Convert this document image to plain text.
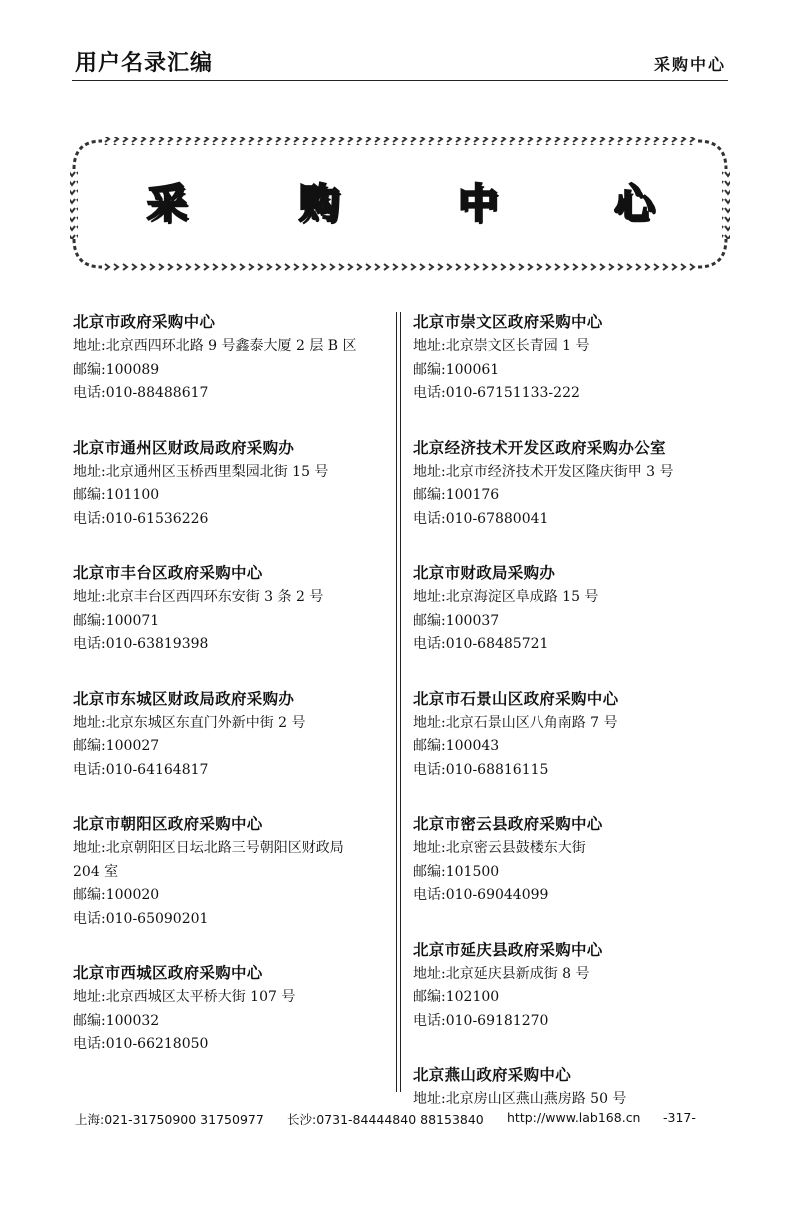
用户名录汇编	采购中心
采	购	中	心
北京市政府采购中心
地址:北京西四环北路 9 号鑫泰大厦 2 层 B 区
邮编:100089
电话:010-88488617
北京市通州区财政局政府采购办
地址:北京通州区玉桥西里梨园北街 15 号
邮编:101100
电话:010-61536226
北京市丰台区政府采购中心
地址:北京丰台区西四环东安街 3 条 2 号
邮编:100071
电话:010-63819398
北京市东城区财政局政府采购办
地址:北京东城区东直门外新中街 2 号
邮编:100027
电话:010-64164817
北京市朝阳区政府采购中心
地址:北京朝阳区日坛北路三号朝阳区财政局
204 室
邮编:100020
电话:010-65090201
北京市西城区政府采购中心
地址:北京西城区太平桥大街 107 号
邮编:100032
电话:010-66218050
北京市崇文区政府采购中心
地址:北京崇文区长青园 1 号
邮编:100061
电话:010-67151133-222
北京经济技术开发区政府采购办公室
地址:北京市经济技术开发区隆庆街甲 3 号
邮编:100176
电话:010-67880041
北京市财政局采购办
地址:北京海淀区阜成路 15 号
邮编:100037
电话:010-68485721
北京市石景山区政府采购中心
地址:北京石景山区八角南路 7 号
邮编:100043
电话:010-68816115
北京市密云县政府采购中心
地址:北京密云县鼓楼东大街
邮编:101500
电话:010-69044099
北京市延庆县政府采购中心
地址:北京延庆县新成街 8 号
邮编:102100
电话:010-69181270
北京燕山政府采购中心
地址:北京房山区燕山燕房路 50 号
上海:021-31750900 31750977 长沙:0731-84444840 88153840 http://www.lab168.cn -317-
